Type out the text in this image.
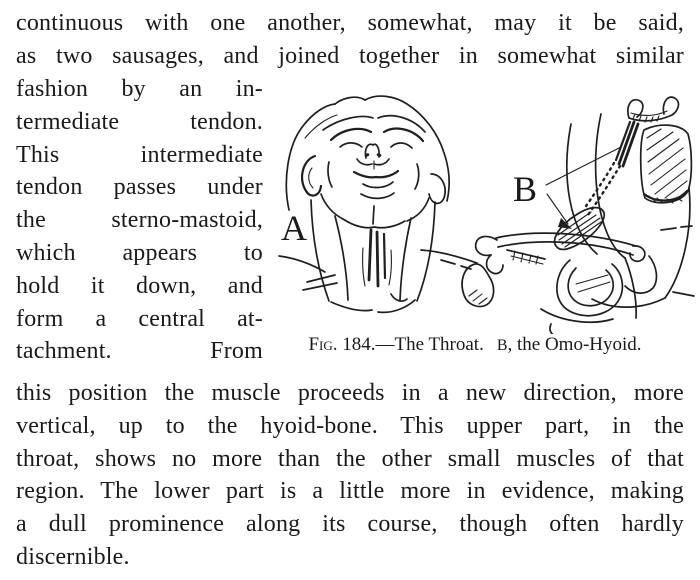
continuous with one another, somewhat, may it be said,
as two sausages, and joined together in somewhat similar
fashion by an in-
termediate tendon.
This intermediate
tendon passes under
the sterno-mastoid,
which appears to
hold it down, and
form a central at-
tachment. From
A
B
Fig. 184.—The Throat. B, the Omo-Hyoid.
this position the muscle proceeds in a new direction, more
vertical, up to the hyoid-bone. This upper part, in the
throat, shows no more than the other small muscles of that
region. The lower part is a little more in evidence, making
a dull prominence along its course, though often hardly
discernible.
